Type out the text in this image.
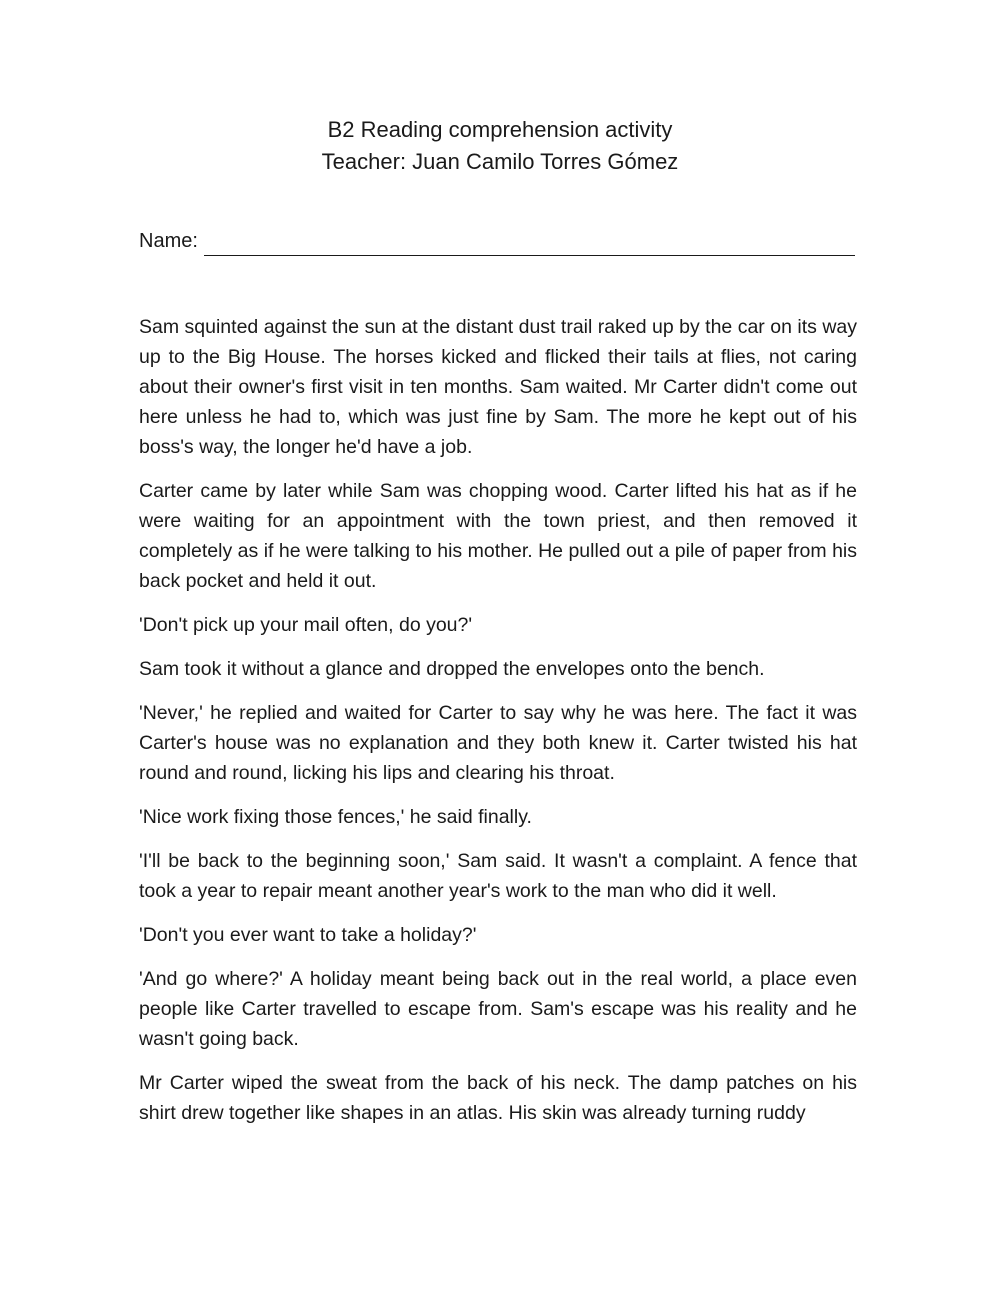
B2 Reading comprehension activity
Teacher: Juan Camilo Torres Gómez
Name:

Sam squinted against the sun at the distant dust trail raked up by the car on its way up to the Big House. The horses kicked and flicked their tails at flies, not caring about their owner's first visit in ten months. Sam waited. Mr Carter didn't come out here unless he had to, which was just fine by Sam. The more he kept out of his boss's way, the longer he'd have a job.

Carter came by later while Sam was chopping wood. Carter lifted his hat as if he were waiting for an appointment with the town priest, and then removed it completely as if he were talking to his mother. He pulled out a pile of paper from his back pocket and held it out.

'Don't pick up your mail often, do you?'

Sam took it without a glance and dropped the envelopes onto the bench.

'Never,' he replied and waited for Carter to say why he was here. The fact it was Carter's house was no explanation and they both knew it. Carter twisted his hat round and round, licking his lips and clearing his throat.

'Nice work fixing those fences,' he said finally.

'I'll be back to the beginning soon,' Sam said. It wasn't a complaint. A fence that took a year to repair meant another year's work to the man who did it well.

'Don't you ever want to take a holiday?'

'And go where?' A holiday meant being back out in the real world, a place even people like Carter travelled to escape from. Sam's escape was his reality and he wasn't going back.

Mr Carter wiped the sweat from the back of his neck. The damp patches on his shirt drew together like shapes in an atlas. His skin was already turning ruddy
